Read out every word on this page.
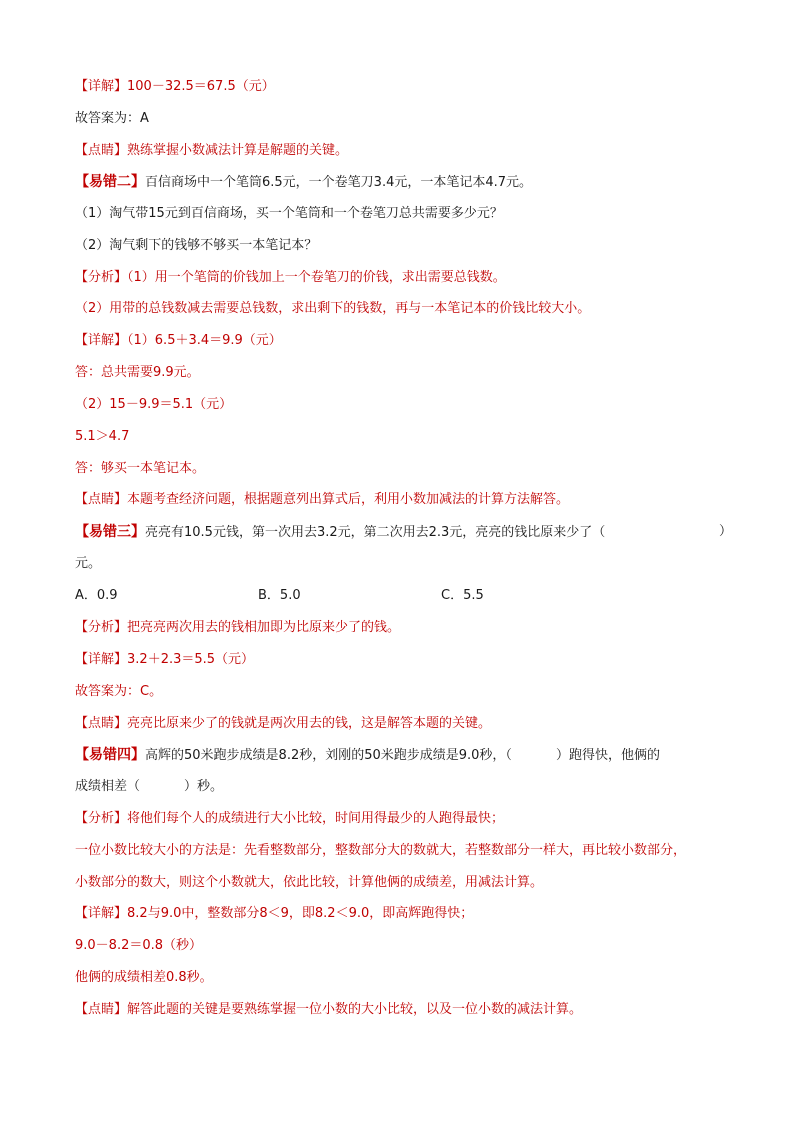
【详解】100－32.5＝67.5（元）
故答案为：A
【点睛】熟练掌握小数减法计算是解题的关键。
【易错二】百信商场中一个笔筒6.5元，一个卷笔刀3.4元，一本笔记本4.7元。
（1）淘气带15元到百信商场，买一个笔筒和一个卷笔刀总共需要多少元？
（2）淘气剩下的钱够不够买一本笔记本？
【分析】（1）用一个笔筒的价钱加上一个卷笔刀的价钱，求出需要总钱数。
（2）用带的总钱数减去需要总钱数，求出剩下的钱数，再与一本笔记本的价钱比较大小。
【详解】（1）6.5＋3.4＝9.9（元）
答：总共需要9.9元。
（2）15－9.9＝5.1（元）
5.1＞4.7
答：够买一本笔记本。
【点睛】本题考查经济问题，根据题意列出算式后，利用小数加减法的计算方法解答。
【易错三】亮亮有10.5元钱，第一次用去3.2元，第二次用去2.3元，亮亮的钱比原来少了（	）
元。
A．0.9	B．5.0	C．5.5
【分析】把亮亮两次用去的钱相加即为比原来少了的钱。
【详解】3.2＋2.3＝5.5（元）
故答案为：C。
【点睛】亮亮比原来少了的钱就是两次用去的钱，这是解答本题的关键。
【易错四】高辉的50米跑步成绩是8.2秒，刘刚的50米跑步成绩是9.0秒，（	）跑得快，他俩的
成绩相差（	）秒。
【分析】将他们每个人的成绩进行大小比较，时间用得最少的人跑得最快；
一位小数比较大小的方法是：先看整数部分，整数部分大的数就大，若整数部分一样大，再比较小数部分，
小数部分的数大，则这个小数就大，依此比较，计算他俩的成绩差，用减法计算。
【详解】8.2与9.0中，整数部分8＜9，即8.2＜9.0，即高辉跑得快；
9.0－8.2＝0.8（秒）
他俩的成绩相差0.8秒。
【点睛】解答此题的关键是要熟练掌握一位小数的大小比较，以及一位小数的减法计算。
